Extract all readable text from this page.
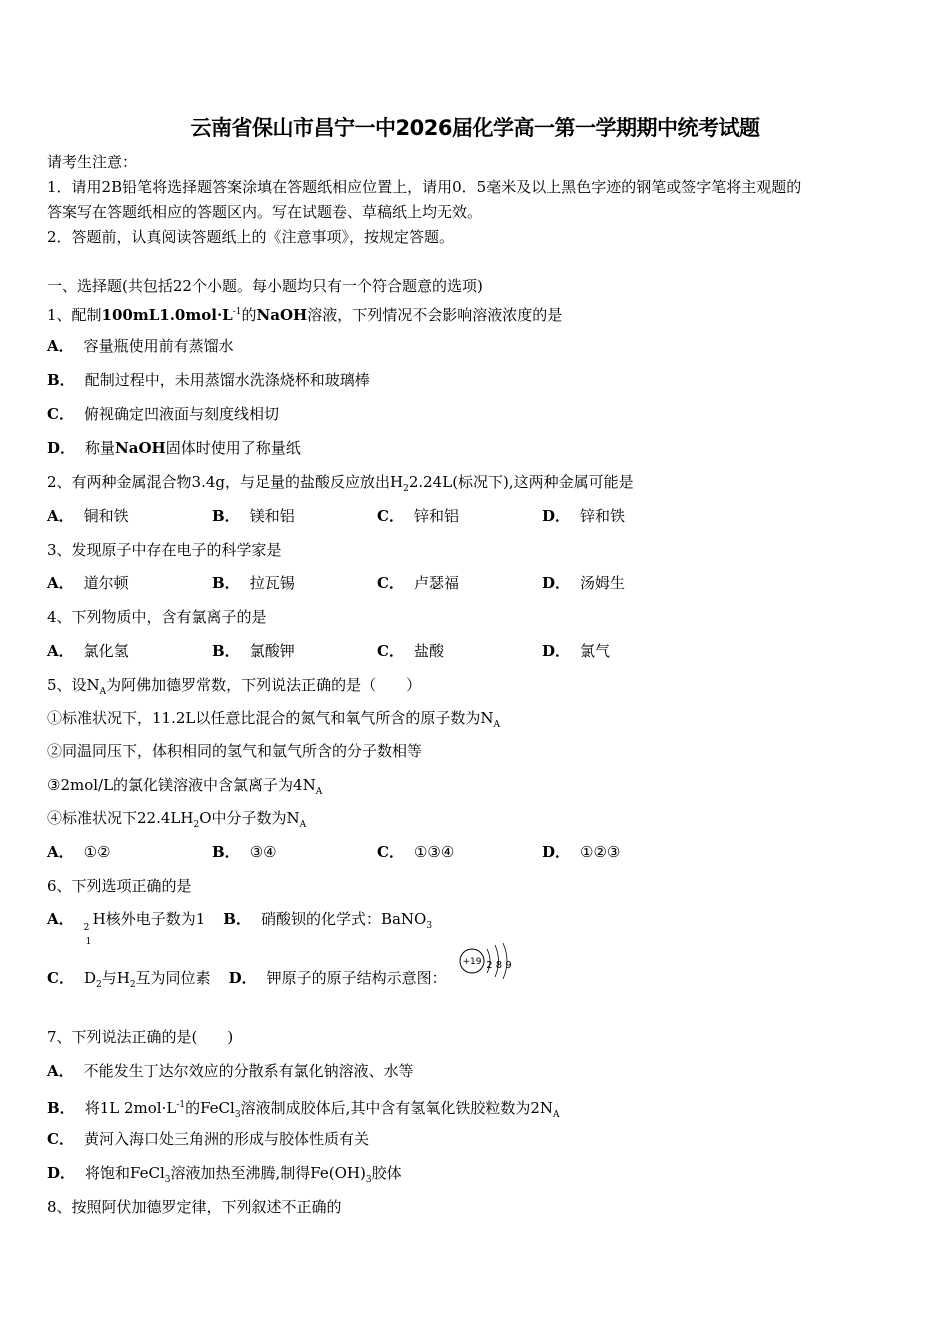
云南省保山市昌宁一中2026届化学高一第一学期期中统考试题
请考生注意：
1．请用2B铅笔将选择题答案涂填在答题纸相应位置上，请用0．5毫米及以上黑色字迹的钢笔或签字笔将主观题的
答案写在答题纸相应的答题区内。写在试题卷、草稿纸上均无效。
2．答题前，认真阅读答题纸上的《注意事项》，按规定答题。
一、选择题(共包括22个小题。每小题均只有一个符合题意的选项)
1、配制$100mL1.0mol\cdot L^{-1}$的NaOH溶液，下列情况不会影响溶液浓度的是
A． 容量瓶使用前有蒸馏水
B． 配制过程中，未用蒸馏水洗涤烧杯和玻璃棒
C． 俯视确定凹液面与刻度线相切
D． 称量NaOH固体时使用了称量纸
2、有两种金属混合物3.4g，与足量的盐酸反应放出$H_22.24L$(标况下),这两种金属可能是
A． 铜和铁	B． 镁和铝	C． 锌和铝	D． 锌和铁
3、发现原子中存在电子的科学家是
A． 道尔顿	B． 拉瓦锡	C． 卢瑟福	D． 汤姆生
4、下列物质中，含有氯离子的是
A． 氯化氢	B． 氯酸钾	C． 盐酸	D． 氯气
5、设$N_A$为阿佛加德罗常数，下列说法正确的是（　　）
①标准状况下，11.2L以任意比混合的氮气和氧气所含的原子数为$N_A$
②同温同压下，体积相同的氢气和氩气所含的分子数相等
③2mol/L的氯化镁溶液中含氯离子为$4N_A$
④标准状况下$22.4LH_2O$中分子数为$N_A$
A． ①②	B． ③④	C． ①③④	D． ①②③
6、下列选项正确的是
A． 2
1
H核外电子数为1 B． 硝酸钡的化学式：BaNO$_3$
C． $D_2$与$H_2$互为同位素 D． 钾原子的原子结构示意图：
+19 2 8 9
7、下列说法正确的是(　　)
A． 不能发生丁达尔效应的分散系有氯化钠溶液、水等
B． 将1L $2mol\cdot L^{-1}$的FeCl$_3$溶液制成胶体后,其中含有氢氧化铁胶粒数为$2N_A$
C． 黄河入海口处三角洲的形成与胶体性质有关
D． 将饱和FeCl$_3$溶液加热至沸腾,制得$Fe(OH)_3$胶体
8、按照阿伏加德罗定律，下列叙述不正确的
